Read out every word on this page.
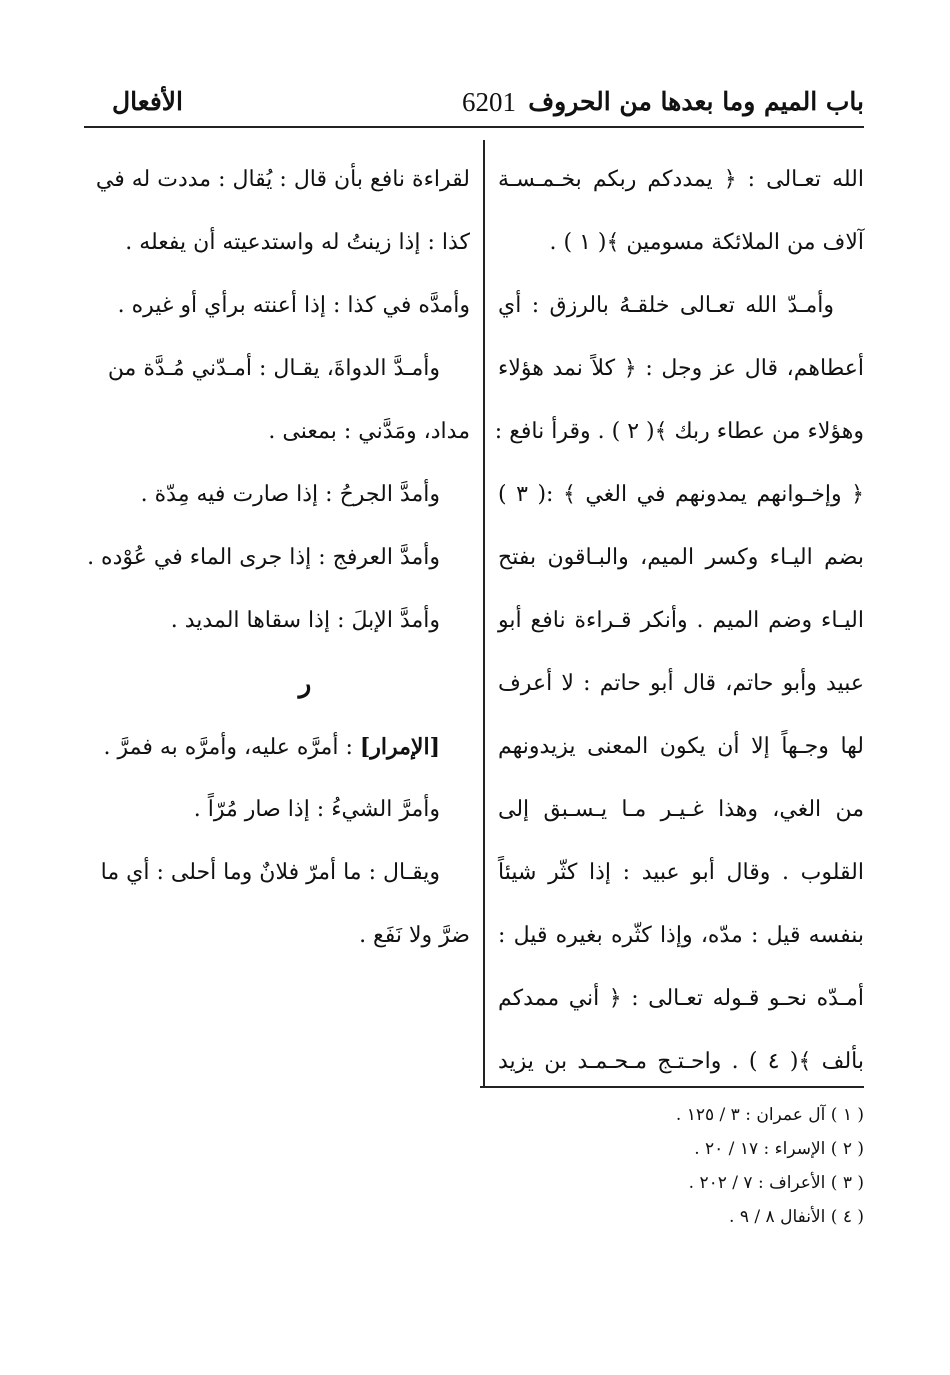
باب الميم وما بعدها من الحروف
6201
الأفعال
الله تعـالى : ﴿ يمددكم ربكم بخـمـسـة
آلاف من الملائكة مسومين ﴾( ١ ) .
وأمـدّ الله تعـالى خلقـهُ بالرزق : أي
أعطاهم، قال عز وجل : ﴿ كلاً نمد هؤلاء
وهؤلاء من عطاء ربك ﴾( ٢ ) . وقرأ نافع :
﴿ وإخـوانهم يمدونهم في الغي ﴾ :( ٣ )
بضم اليـاء وكسر الميم، والبـاقون بفتح
اليـاء وضم الميم . وأنكر قـراءة نافع أبو
عبيد وأبو حاتم، قال أبو حاتم : لا أعرف
لها وجـهاً إلا أن يكون المعنى يزيدونهم
من الغي، وهذا غـيـر مـا يـسـبق إلى
القلوب . وقال أبو عبيد : إذا كثّر شيئاً
بنفسه قيل : مدّه، وإذا كثّره بغيره قيل :
أمـدّه نحـو قـوله تعـالى : ﴿ أني ممدكم
بألف ﴾( ٤ ) . واحـتـج مـحـمـد بن يزيد
لقراءة نافع بأن قال : يُقال : مددت له في
كذا : إذا زينتُ له واستدعيته أن يفعله .
وأمدَّه في كذا : إذا أعنته برأي أو غيره .
وأمـدَّ الدواةَ، يقـال : أمـدّني مُـدَّة من
مداد، ومَدَّني : بمعنى .
وأمدَّ الجرحُ : إذا صارت فيه مِدّة .
وأمدَّ العرفج : إذا جرى الماء في عُوْده .
وأمدَّ الإبلَ : إذا سقاها المديد .
ر
[الإمرار] : أمرَّه عليه، وأمرَّه به فمرَّ .
وأمرَّ الشيءُ : إذا صار مُرّاً .
ويقـال : ما أمرّ فلانٌ وما أحلى : أي ما
ضرَّ ولا نَفَع .
( ١ ) آل عمران : ٣ / ١٢٥ .
( ٢ ) الإسراء : ١٧ / ٢٠ .
( ٣ ) الأعراف : ٧ / ٢٠٢ .
( ٤ ) الأنفال ٨ / ٩ .
